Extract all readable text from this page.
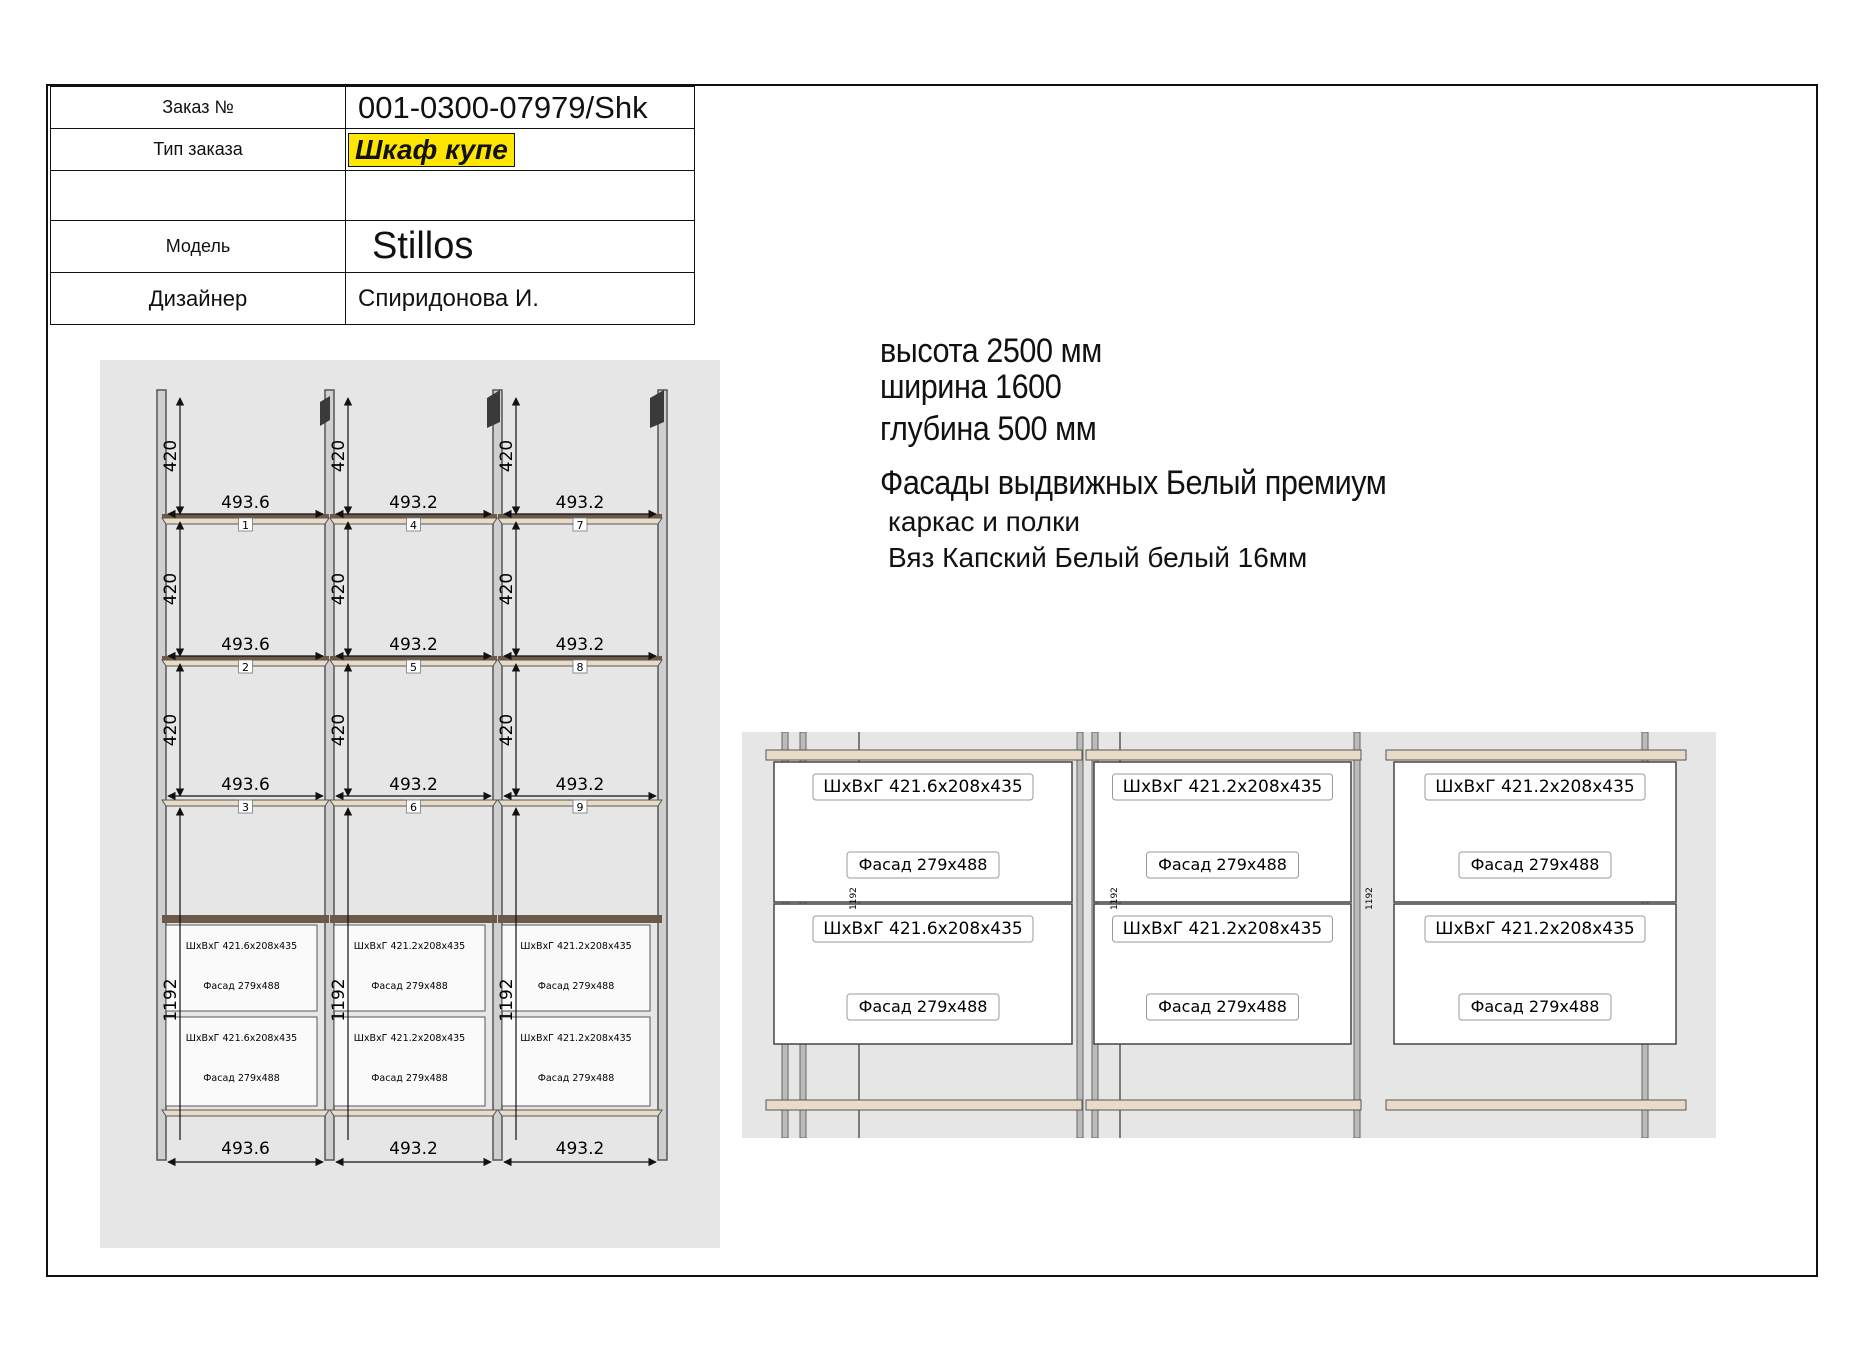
Заказ №	001-0300-07979/Shk
Тип заказа	Шкаф купе

Модель	Stillos
Дизайнер	Спиридонова И.
высота 2500 мм
ширина 1600
глубина 500 мм
Фасады выдвижных Белый премиум
каркас и полки
Вяз Капский Белый белый 16мм
1
2
3
4
5
6
7
8
9
ШхВхГ 421.6х208х435
Фасад 279х488
ШхВхГ 421.6х208х435
Фасад 279х488
ШхВхГ 421.2х208х435
Фасад 279х488
ШхВхГ 421.2х208х435
Фасад 279х488
ШхВхГ 421.2х208х435
Фасад 279х488
ШхВхГ 421.2х208х435
Фасад 279х488
493.6
493.6
493.6
493.6
493.2
493.2
493.2
493.2
493.2
493.2
493.2
493.2
420
420
420
1192
420
420
420
1192
420
420
420
1192
ШхВхГ 421.6х208х435
Фасад 279х488
ШхВхГ 421.2х208х435
Фасад 279х488
ШхВхГ 421.2х208х435
Фасад 279х488
ШхВхГ 421.6х208х435
Фасад 279х488
ШхВхГ 421.2х208х435
Фасад 279х488
ШхВхГ 421.2х208х435
Фасад 279х488
1192	1192	1192
